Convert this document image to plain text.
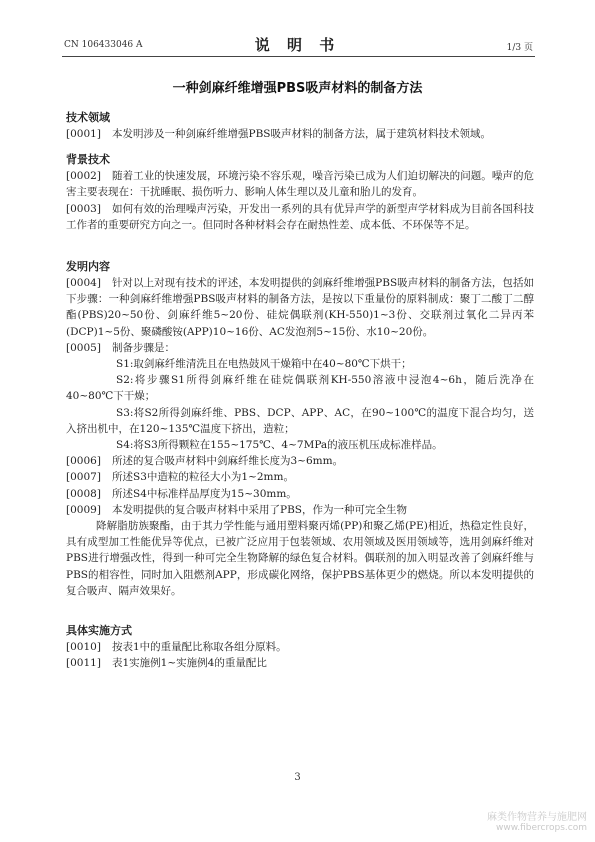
CN 106433046 A	说 明 书	1/3 页
一种剑麻纤维增强PBS吸声材料的制备方法
技术领域
[0001] 本发明涉及一种剑麻纤维增强PBS吸声材料的制备方法，属于建筑材料技术领域。
背景技术
[0002] 随着工业的快速发展，环境污染不容乐观，噪音污染已成为人们迫切解决的问题。噪声的危害主要表现在：干扰睡眠、损伤听力、影响人体生理以及儿童和胎儿的发育。
[0003] 如何有效的治理噪声污染，开发出一系列的具有优异声学的新型声学材料成为目前各国科技工作者的重要研究方向之一。但同时各种材料会存在耐热性差、成本低、不环保等不足。
发明内容
[0004] 针对以上对现有技术的评述，本发明提供的剑麻纤维增强PBS吸声材料的制备方法，包括如下步骤：一种剑麻纤维增强PBS吸声材料的制备方法，是按以下重量份的原料制成：聚丁二酸丁二醇酯(PBS)20~50份、剑麻纤维5~20份、硅烷偶联剂(KH-550)1~3份、交联剂过氧化二异丙苯(DCP)1~5份、聚磷酸铵(APP)10~16份、AC发泡剂5~15份、水10~20份。
[0005] 制备步骤是：
S1:取剑麻纤维清洗且在电热鼓风干燥箱中在40~80℃下烘干；
S2:将步骤S1所得剑麻纤维在硅烷偶联剂KH-550溶液中浸泡4~6h，随后洗净在40~80℃下干燥；
S3:将S2所得剑麻纤维、PBS、DCP、APP、AC，在90~100℃的温度下混合均匀，送入挤出机中，在120~135℃温度下挤出，造粒；
S4:将S3所得颗粒在155~175℃、4~7MPa的液压机压成标准样品。
[0006] 所述的复合吸声材料中剑麻纤维长度为3~6mm。
[0007] 所述S3中造粒的粒径大小为1~2mm。
[0008] 所述S4中标准样品厚度为15~30mm。
[0009] 本发明提供的复合吸声材料中采用了PBS，作为一种可完全生物
降解脂肪族聚酯，由于其力学性能与通用塑料聚丙烯(PP)和聚乙烯(PE)相近，热稳定性良好，具有成型加工性能优异等优点，已被广泛应用于包装领域、农用领域及医用领域等，选用剑麻纤维对PBS进行增强改性，得到一种可完全生物降解的绿色复合材料。偶联剂的加入明显改善了剑麻纤维与PBS的相容性，同时加入阻燃剂APP，形成碳化网络，保护PBS基体更少的燃烧。所以本发明提供的复合吸声、隔声效果好。
具体实施方式
[0010] 按表1中的重量配比称取各组分原料。
[0011] 表1实施例1~实施例4的重量配比
3
麻类作物营养与施肥网
www.fibercrops.com
